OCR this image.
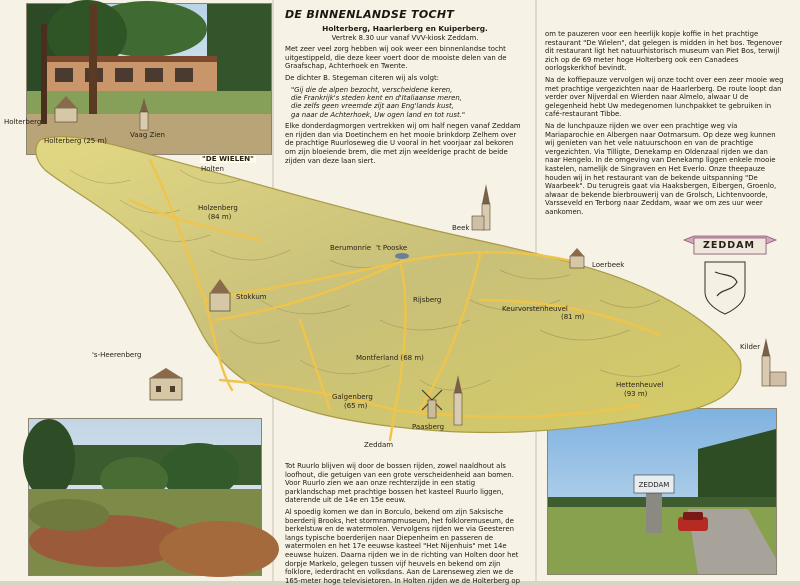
ZEDDAM
DE BINNENLANDSE TOCHT
Holterberg, Haarlerberg en Kuiperberg.
Vertrek 8.30 uur vanaf VVV-kiosk Zeddam.

Met zeer veel zorg hebben wij ook weer een binnenlandse tocht uitgestippeld, die deze keer voert door de mooiste delen van de Graafschap, Achterhoek en Twente.

De dichter B. Stegeman citeren wij als volgt:

"Gij die de alpen bezocht, verscheidene keren,
die Frankrijk's steden kent en d'Italiaanse meren,
die zelfs geen vreemde zijt aan Eng'lands kust,
ga naar de Achterhoek, Uw ogen land en tot rust."

Elke donderdagmorgen vertrekken wij om half negen vanaf Zeddam en rijden dan via Doetinchem en het mooie brinkdorp Zelhem over de prachtige Ruurloseweg die U vooral in het voorjaar zal bekoren om zijn bloeiende brem, die met zijn weelderige pracht de beide zijden van deze laan siert.

om te pauzeren voor een heerlijk kopje koffie in het prachtige restaurant "De Wielen", dat gelegen is midden in het bos. Tegenover dit restaurant ligt het natuurhistorisch museum van Piet Bos, terwijl zich op de 69 meter hoge Holterberg ook een Canadees oorlogskerkhof bevindt.

Na de koffiepauze vervolgen wij onze tocht over een zeer mooie weg met prachtige vergezichten naar de Haarlerberg. De route loopt dan verder over Nijverdal en Wierden naar Almelo, alwaar U de gelegenheid hebt Uw medegenomen lunchpakket te gebruiken in café-restaurant Tibbe.

Na de lunchpauze rijden we over een prachtige weg via Mariaparochie en Albergen naar Ootmarsum. Op deze weg kunnen wij genieten van het vele natuurschoon en van de prachtige vergezichten. Via Tilligte, Denekamp en Oldenzaal rijden we dan naar Hengelo. In de omgeving van Denekamp liggen enkele mooie kastelen, namelijk de Singraven en Het Everlo. Onze theepauze houden wij in het restaurant van de bekende uitspanning "De Waarbeek". Du terugreis gaat via Haaksbergen, Eibergen, Groenlo, alwaar de bekende bierbrouwerij van de Grolsch, Lichtenvoorde, Varsseveld en Terborg naar Zeddam, waar we om zes uur weer aankomen.

Tot Ruurlo blijven wij door de bossen rijden, zowel naaldhout als loofhout, die getuigen van een grote verscheidenheid aan bomen. Voor Ruurlo zien we aan onze rechterzijde in een statig parklandschap met prachtige bossen het kasteel Ruurlo liggen, daterende uit de 14e en 15e eeuw.

Al spoedig komen we dan in Borculo, bekend om zijn Saksische boerderij Brooks, het stormrampmuseum, het folkloremuseum, de berkelstuw en de watermolen. Vervolgens rijden we via Geesteren langs typische boerderijen naar Diepenheim en passeren de watermolen en het 17e eeuwse kasteel "Het Nijenhuis" met 14e eeuwse huizen. Daarna rijden we in de richting van Holten door het dorpje Markelo, gelegen tussen vijf heuvels en bekend om zijn folklore, iederdracht en volksdans. Aan de Larenseweg zien we de 165-meter hoge televisietoren. In Holten rijden we de Holterberg op

ZEDDAM
Holterberg
Holterberg (25 m)
Vaag Zien
"DE WIELEN"
Holten
Holzenberg
(84 m)
Beek
Berumonrie 't Pooske
Loerbeek
Stokkum	Rijsberg
Keurvorstenheuvel
(81 m)
's-Heerenberg	Montferland (68 m)
Kilder
Hettenheuvel
(93 m)
Galgenberg
(65 m)
Paasberg
Zeddam
